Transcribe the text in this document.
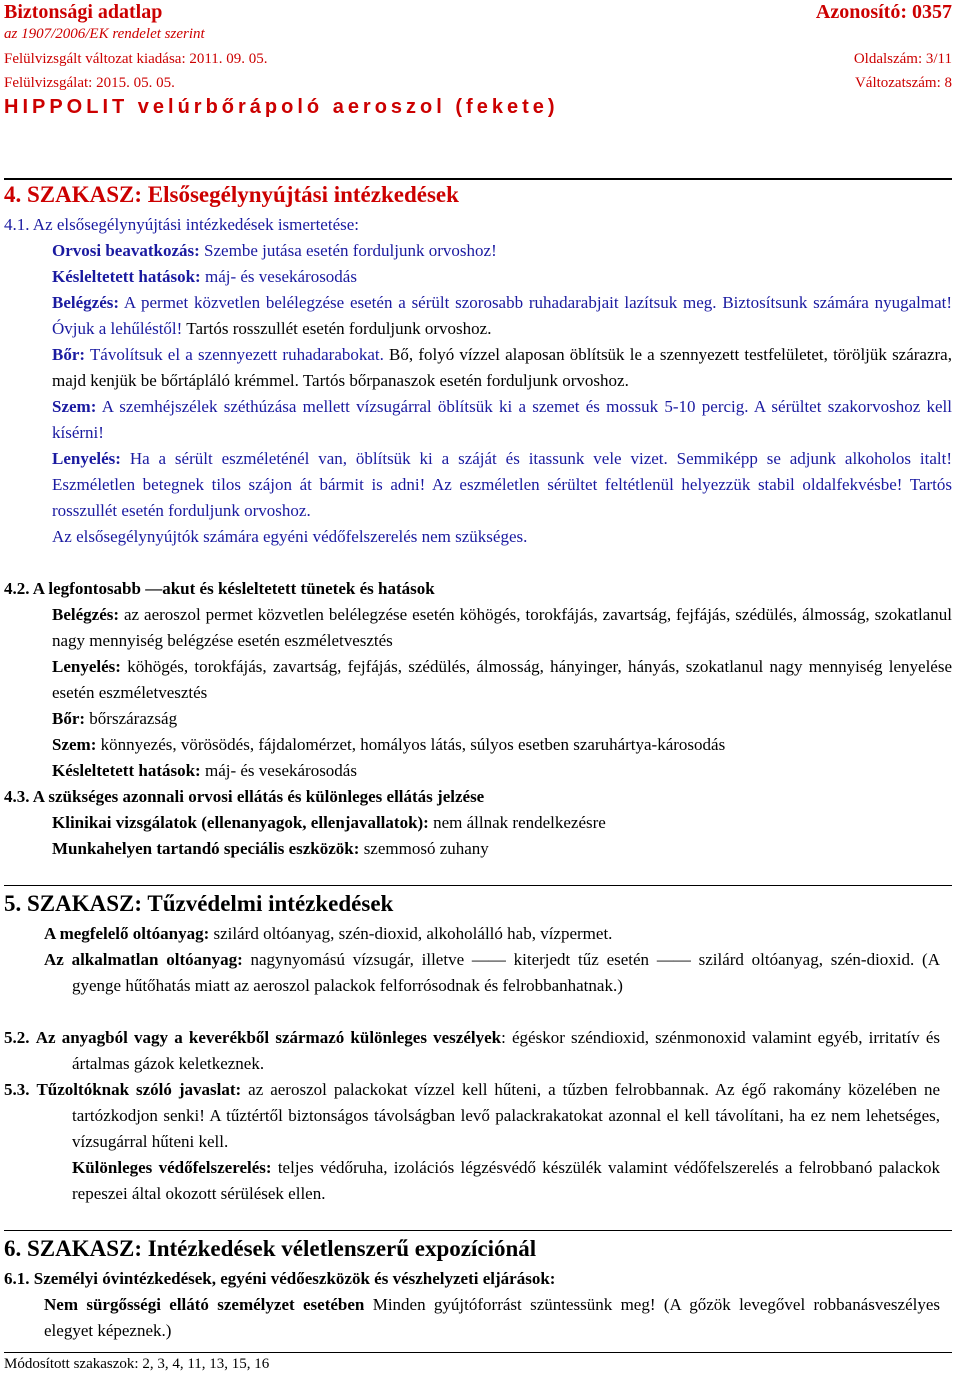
Biztonsági adatlap	Azonosító: 0357
az 1907/2006/EK rendelet szerint
Felülvizsgált változat kiadása: 2011. 09. 05.	Oldalszám: 3/11
Felülvizsgálat: 2015. 05. 05.	Változatszám: 8
HIPPOLIT velúrbőrápoló aeroszol (fekete)
4. SZAKASZ: Elsősegélynyújtási intézkedések
4.1. Az elsősegélynyújtási intézkedések ismertetése:

Orvosi beavatkozás: Szembe jutása esetén forduljunk orvoshoz!

Késleltetett hatások: máj- és vesekárosodás

Belégzés: A permet közvetlen belélegzése esetén a sérült szorosabb ruhadarabjait lazítsuk meg. Biztosítsunk számára nyugalmat! Óvjuk a lehűléstől! Tartós rosszullét esetén forduljunk orvoshoz.

Bőr: Távolítsuk el a szennyezett ruhadarabokat. Bő, folyó vízzel alaposan öblítsük le a szennyezett testfelületet, töröljük szárazra, majd kenjük be bőrtápláló krémmel. Tartós bőrpanaszok esetén forduljunk orvoshoz.

Szem: A szemhéjszélek széthúzása mellett vízsugárral öblítsük ki a szemet és mossuk 5-10 percig. A sérültet szakorvoshoz kell kísérni!

Lenyelés: Ha a sérült eszméleténél van, öblítsük ki a száját és itassunk vele vizet. Semmiképp se adjunk alkoholos italt! Eszméletlen betegnek tilos szájon át bármit is adni! Az eszméletlen sérültet feltétlenül helyezzük stabil oldalfekvésbe! Tartós rosszullét esetén forduljunk orvoshoz.

Az elsősegélynyújtók számára egyéni védőfelszerelés nem szükséges.

4.2. A legfontosabb —akut és késleltetett tünetek és hatások

Belégzés: az aeroszol permet közvetlen belélegzése esetén köhögés, torokfájás, zavartság, fejfájás, szédülés, álmosság, szokatlanul nagy mennyiség belégzése esetén eszméletvesztés

Lenyelés: köhögés, torokfájás, zavartság, fejfájás, szédülés, álmosság, hányinger, hányás, szokatlanul nagy mennyiség lenyelése esetén eszméletvesztés

Bőr: bőrszárazság

Szem: könnyezés, vörösödés, fájdalomérzet, homályos látás, súlyos esetben szaruhártya-károsodás

Késleltetett hatások: máj- és vesekárosodás

4.3. A szükséges azonnali orvosi ellátás és különleges ellátás jelzése

Klinikai vizsgálatok (ellenanyagok, ellenjavallatok): nem állnak rendelkezésre

Munkahelyen tartandó speciális eszközök: szemmosó zuhany

5. SZAKASZ: Tűzvédelmi intézkedések

A megfelelő oltóanyag: szilárd oltóanyag, szén-dioxid, alkoholálló hab, vízpermet.

Az alkalmatlan oltóanyag: nagynyomású vízsugár, illetve —— kiterjedt tűz esetén —— szilárd oltóanyag, szén-dioxid. (A gyenge hűtőhatás miatt az aeroszol palackok felforrósodnak és felrobbanhatnak.)

5.2. Az anyagból vagy a keverékből származó különleges veszélyek: égéskor széndioxid, szénmonoxid valamint egyéb, irritatív és ártalmas gázok keletkeznek.

5.3. Tűzoltóknak szóló javaslat: az aeroszol palackokat vízzel kell hűteni, a tűzben felrobbannak. Az égő rakomány közelében ne tartózkodjon senki! A tűztértől biztonságos távolságban levő palackrakatokat azonnal el kell távolítani, ha ez nem lehetséges, vízsugárral hűteni kell.

Különleges védőfelszerelés: teljes védőruha, izolációs légzésvédő készülék valamint védőfelszerelés a felrobbanó palackok repeszei által okozott sérülések ellen.

6. SZAKASZ: Intézkedések véletlenszerű expozíciónál
6.1. Személyi óvintézkedések, egyéni védőeszközök és vészhelyzeti eljárások:

Nem sürgősségi ellátó személyzet esetében Minden gyújtóforrást szüntessünk meg! (A gőzök levegővel robbanásveszélyes elegyet képeznek.)

Módosított szakaszok: 2, 3, 4, 11, 13, 15, 16
